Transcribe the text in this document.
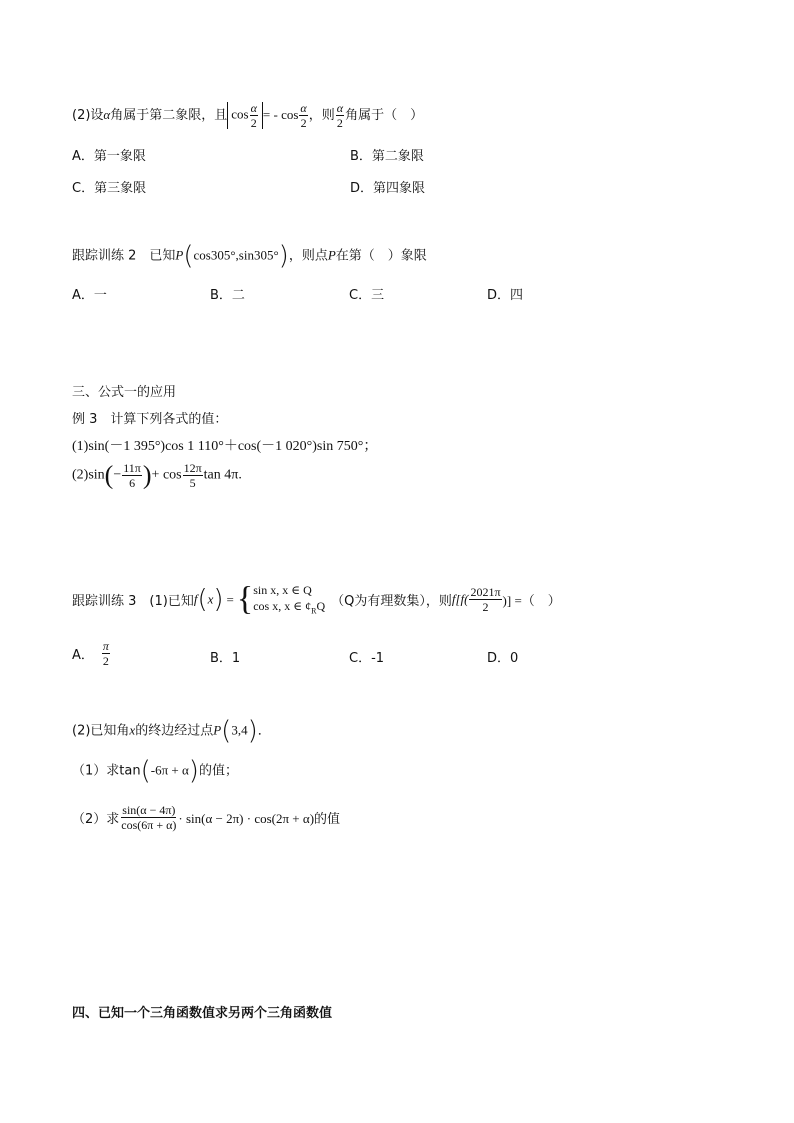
(2)设α角属于第二象限，且 $\cos \frac{\alpha}{2}$ = - $\cos \frac{\alpha}{2}$ ，则 $\frac{\alpha}{2}$ 角属于（　）
A．第一象限	B．第二象限
C．第三象限	D．第四象限
跟踪训练 2　已知P(cos305°,sin305°)，则点P在第（　）象限
A．一	B．二	C．三	D．四
三、公式一的应用
例 3　计算下列各式的值：
(1)sin(－1 395°)cos 1 110°＋cos(－1 020°)sin 750°；
$(2)\sin(- \frac{11\pi}{6}$ )+ $\cos \frac{12\pi}{5}$ tan 4π.
跟踪训练 3　(1)已知f(x) ={ sin x, x ∈ Q
cos x, x ∈ $ȼ_RQ$ （Q为有理数集），则$f[f( \frac{2021\pi}{2}$ )] =（　）
A． $\frac{\pi}{2}$	B．1	C．-1	D．0
(2)已知角x的终边经过点P(3,4)．
（1）求tan(-6π + α)的值；
（2）求 $\frac{\sin(\alpha - 4\pi)}{\cos(6\pi + \alpha)} \cdot \sin(\alpha - 2\pi) \cdot \cos(2\pi + \alpha)$的值
四、已知一个三角函数值求另两个三角函数值
